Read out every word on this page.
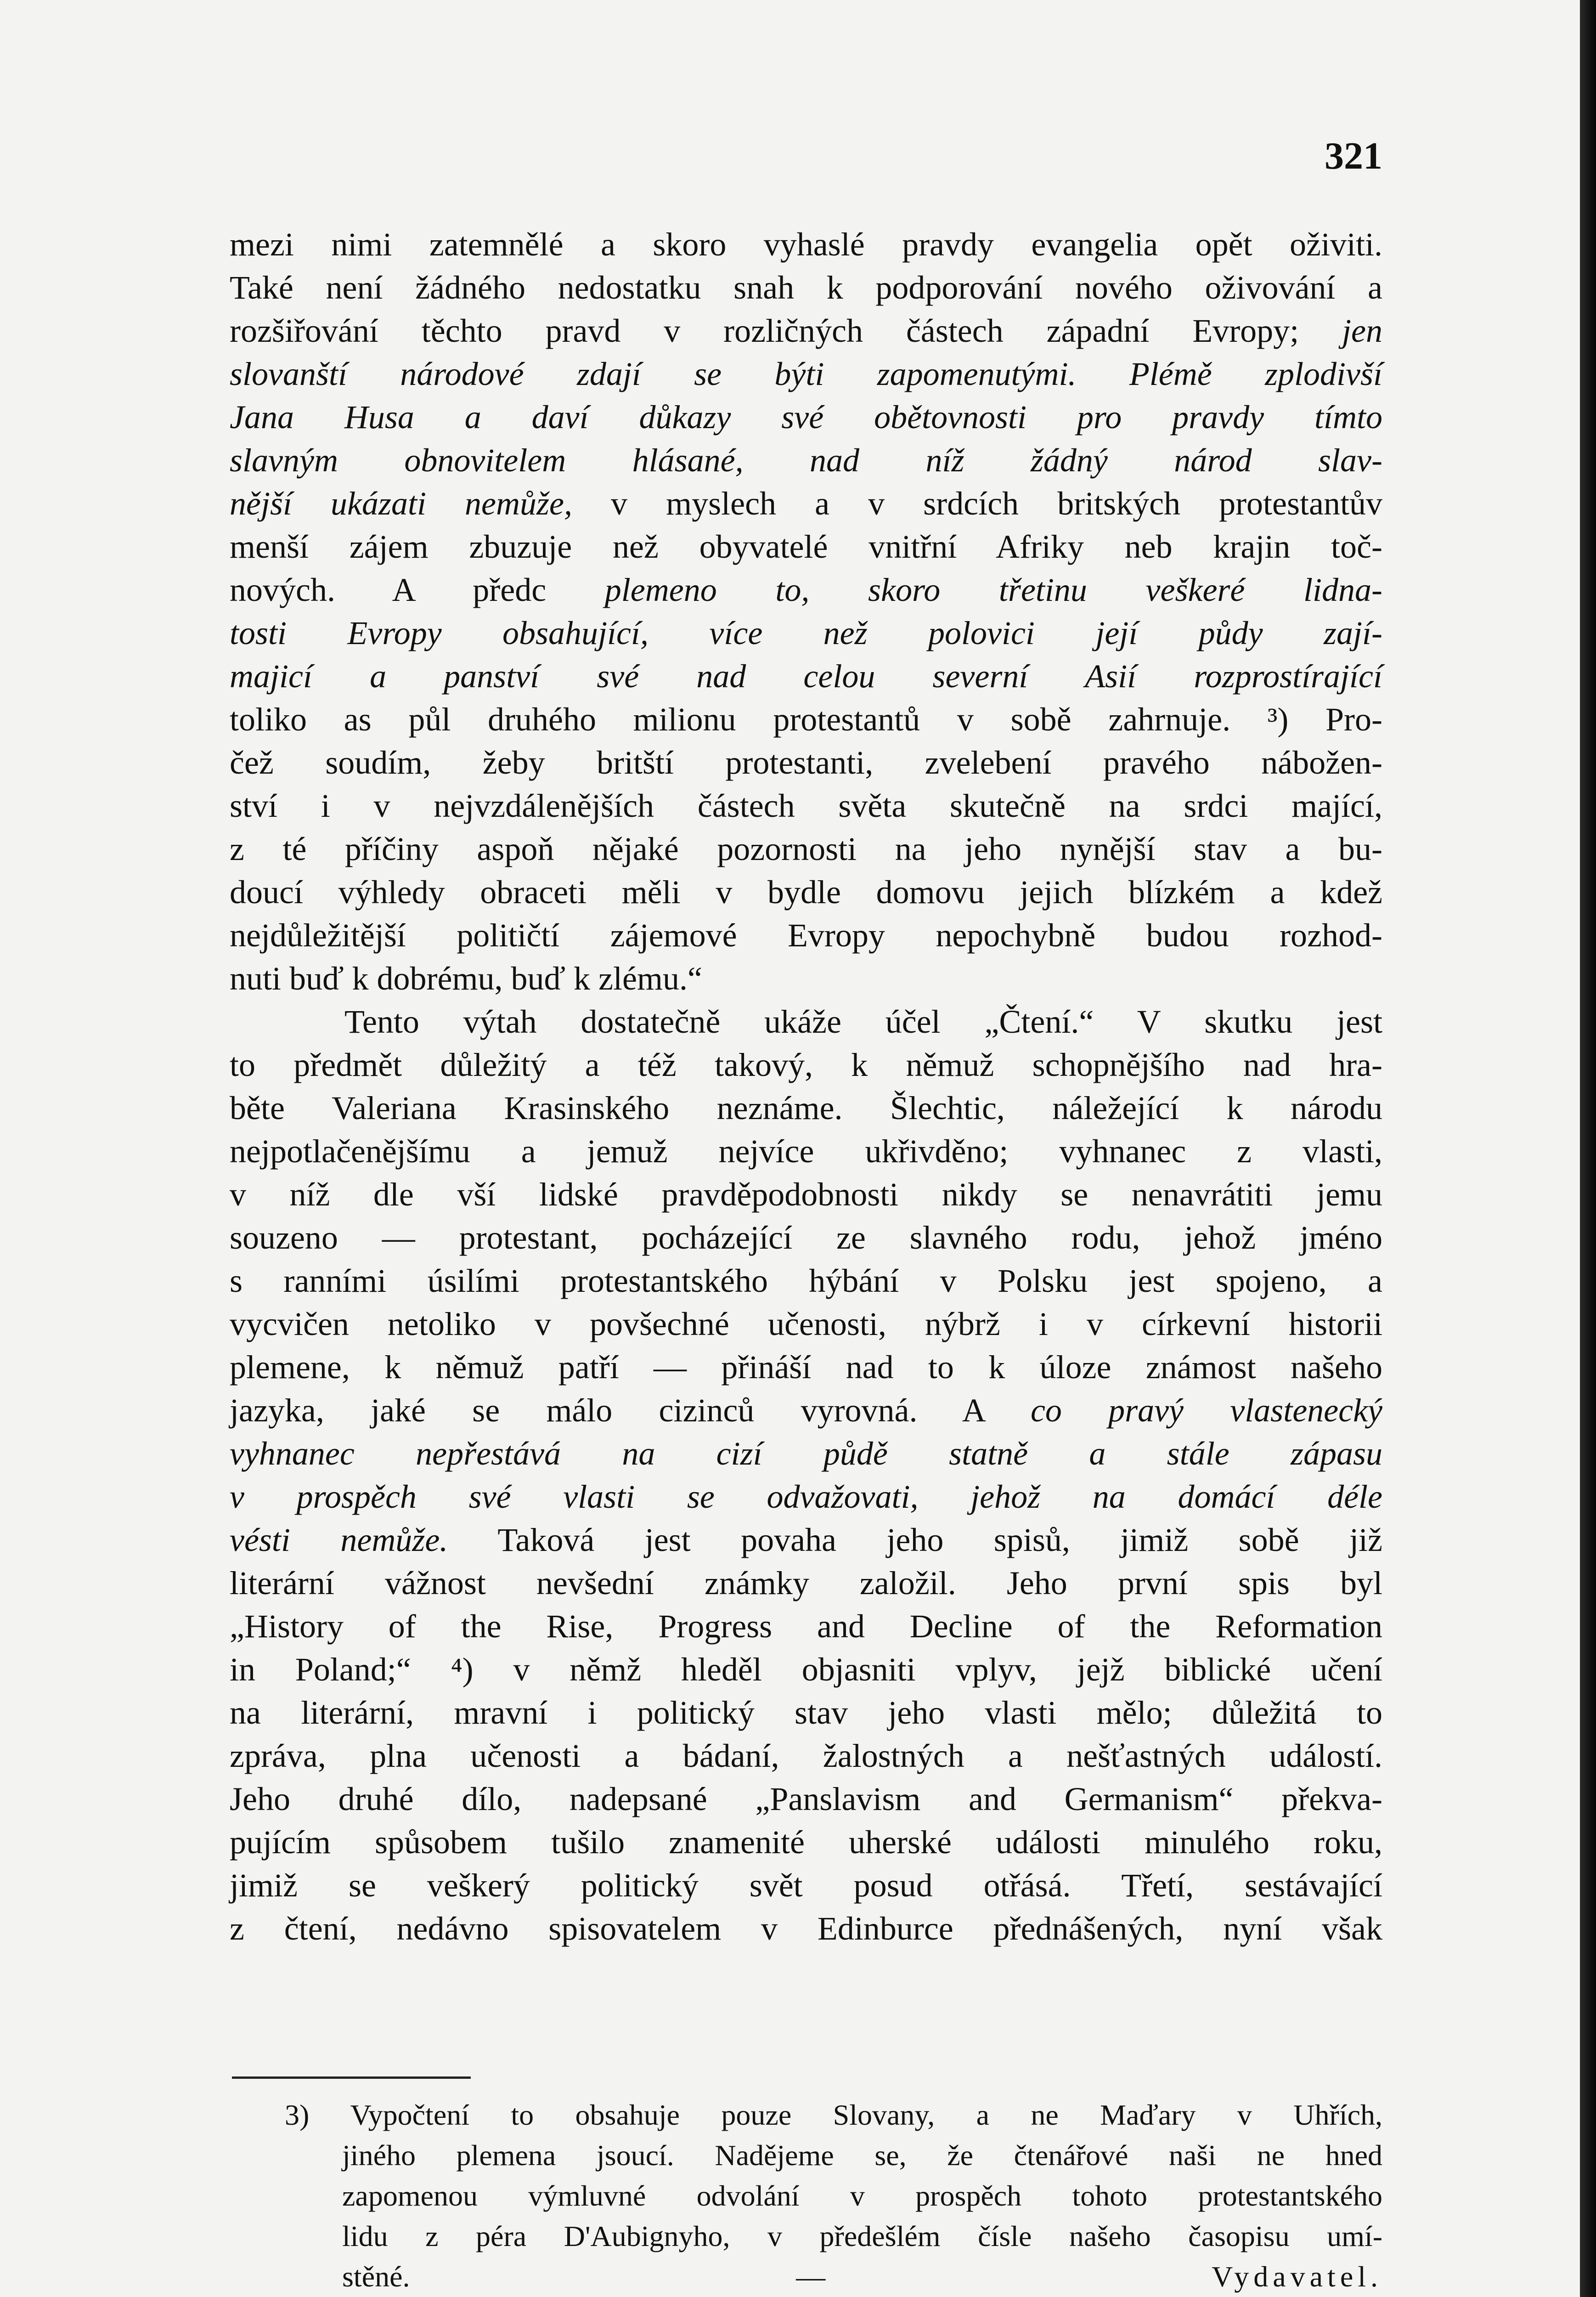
321
mezi nimi zatemnělé a skoro vyhaslé pravdy evangelia opět oživiti.
Také není žádného nedostatku snah k podporování nového oživování a
rozšiřování těchto pravd v rozličných částech západní Evropy; jen
slovanští národové zdají se býti zapomenutými. Plémě zplodivší
Jana Husa a daví důkazy své obětovnosti pro pravdy tímto
slavným obnovitelem hlásané, nad níž žádný národ slav-
nější ukázati nemůže, v myslech a v srdcích britských protestantův
menší zájem zbuzuje než obyvatelé vnitřní Afriky neb krajin toč-
nových. A předc plemeno to, skoro třetinu veškeré lidna-
tosti Evropy obsahující, více než polovici její půdy zají-
majicí a panství své nad celou severní Asií rozprostírající
toliko as půl druhého milionu protestantů v sobě zahrnuje. ³) Pro-
čež soudím, žeby britští protestanti, zvelebení pravého nábožen-
ství i v nejvzdálenějších částech světa skutečně na srdci mající,
z té příčiny aspoň nějaké pozornosti na jeho nynější stav a bu-
doucí výhledy obraceti měli v bydle domovu jejich blízkém a kdež
nejdůležitější političtí zájemové Evropy nepochybně budou rozhod-
nuti buď k dobrému, buď k zlému.“
Tento výtah dostatečně ukáže účel „Čtení.“ V skutku jest
to předmět důležitý a též takový, k němuž schopnějšího nad hra-
běte Valeriana Krasinského neznáme. Šlechtic, náležející k národu
nejpotlačenějšímu a jemuž nejvíce ukřivděno; vyhnanec z vlasti,
v níž dle vší lidské pravděpodobnosti nikdy se nenavrátiti jemu
souzeno — protestant, pocházející ze slavného rodu, jehož jméno
s ranními úsilími protestantského hýbání v Polsku jest spojeno, a
vycvičen netoliko v povšechné učenosti, nýbrž i v církevní historii
plemene, k němuž patří — přináší nad to k úloze známost našeho
jazyka, jaké se málo cizinců vyrovná. A co pravý vlastenecký
vyhnanec nepřestává na cizí půdě statně a stále zápasu
v prospěch své vlasti se odvažovati, jehož na domácí déle
vésti nemůže. Taková jest povaha jeho spisů, jimiž sobě již
literární vážnost nevšední známky založil. Jeho první spis byl
„History of the Rise, Progress and Decline of the Reformation
in Poland;“ ⁴) v němž hleděl objasniti vplyv, jejž biblické učení
na literární, mravní i politický stav jeho vlasti mělo; důležitá to
zpráva, plna učenosti a bádaní, žalostných a nešťastných událostí.
Jeho druhé dílo, nadepsané „Panslavism and Germanism“ překva-
pujícím spůsobem tušilo znamenité uherské události minulého roku,
jimiž se veškerý politický svět posud otřásá. Třetí, sestávající
z čtení, nedávno spisovatelem v Edinburce přednášených, nyní však
3) Vypočtení to obsahuje pouze Slovany, a ne Maďary v Uhřích,
jiného plemena jsoucí. Nadějeme se, že čtenářové naši ne hned
zapomenou výmluvné odvolání v prospěch tohoto protestantského
lidu z péra D'Aubignyho, v předešlém čísle našeho časopisu umí-
stěné. —	Vydavatel.
